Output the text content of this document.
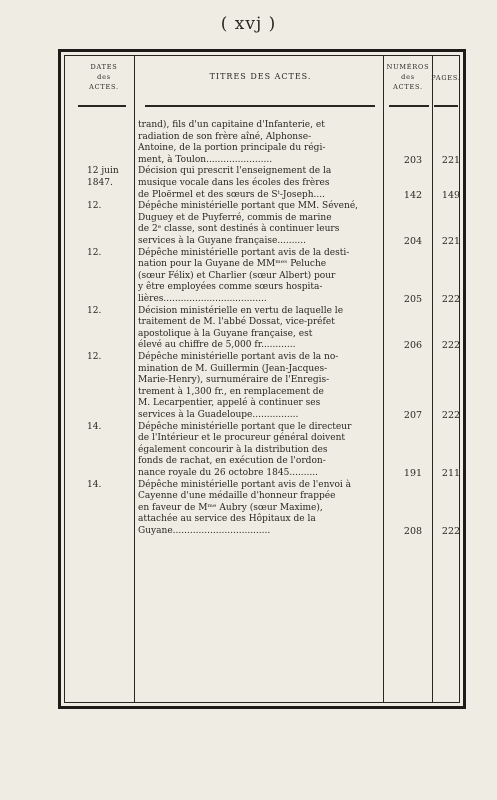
( xvj )
DATES
des
ACTES.
TITRES DES ACTES.
NUMÉROS
des
ACTES.
PAGES.

trand), fils d'un capitaine d'Infanterie, et
radiation de son frère aîné, Alphonse-
Antoine, de la portion principale du régi-
ment, à Toulon.......................	203	221
12 juin
1847.

Décision qui prescrit l'enseignement de la
musique vocale dans les écoles des frères
de Ploërmel et des sœurs de Sᵗ-Joseph....	142	149
12.	Dépêche ministérielle portant que MM. Sévené,
Duguey et de Puyferré, commis de marine
de 2ᵉ classe, sont destinés à continuer leurs
services à la Guyane française..........	204	221
12.	Dépêche ministérielle portant avis de la desti-
nation pour la Guyane de MMᵐᵉˢ Peluche
(sœur Félix) et Charlier (sœur Albert) pour
y être employées comme sœurs hospita-
lières....................................	205	222
12.	Décision ministérielle en vertu de laquelle le
traitement de M. l'abbé Dossat, vice-préfet
apostolique à la Guyane française, est
élevé au chiffre de 5,000 fr............	206	222
12.	Dépêche ministérielle portant avis de la no-
mination de M. Guillermin (Jean-Jacques-
Marie-Henry), surnuméraire de l'Enregis-
trement à 1,300 fr., en remplacement de
M. Lecarpentier, appelé à continuer ses
services à la Guadeloupe................	207	222
14.	Dépêche ministérielle portant que le directeur
de l'Intérieur et le procureur général doivent
également concourir à la distribution des
fonds de rachat, en exécution de l'ordon-
nance royale du 26 octobre 1845..........	191	211
14.	Dépêche ministérielle portant avis de l'envoi à
Cayenne d'une médaille d'honneur frappée
en faveur de Mᵐᵉ Aubry (sœur Maxime),
attachée au service des Hôpitaux de la
Guyane..................................	208	222
